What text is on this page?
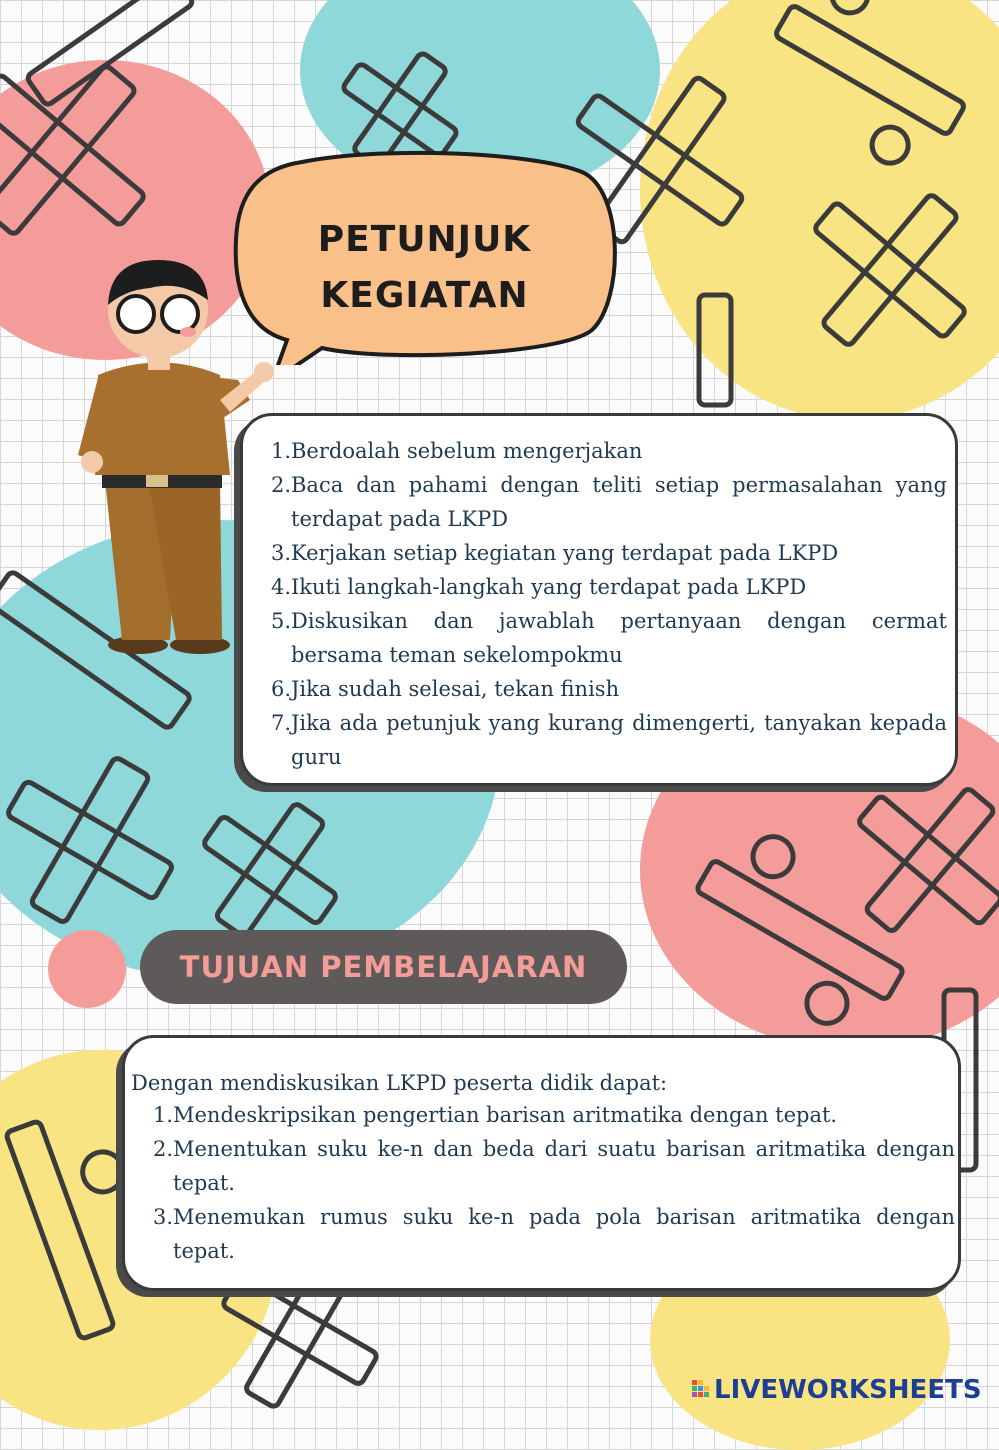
PETUNJUK
KEGIATAN
1. Berdoalah sebelum mengerjakan
2. Baca dan pahami dengan teliti setiap permasalahan yang terdapat pada LKPD
3. Kerjakan setiap kegiatan yang terdapat pada LKPD
4. Ikuti langkah-langkah yang terdapat pada LKPD
5. Diskusikan dan jawablah pertanyaan dengan cermat bersama teman sekelompokmu
6. Jika sudah selesai, tekan finish
7. Jika ada petunjuk yang kurang dimengerti, tanyakan kepada guru
TUJUAN PEMBELAJARAN
Dengan mendiskusikan LKPD peserta didik dapat:
1. Mendeskripsikan pengertian barisan aritmatika dengan tepat.
2. Menentukan suku ke-n dan beda dari suatu barisan aritmatika dengan tepat.
3. Menemukan rumus suku ke-n pada pola barisan aritmatika dengan tepat.
LIVEWORKSHEETS
